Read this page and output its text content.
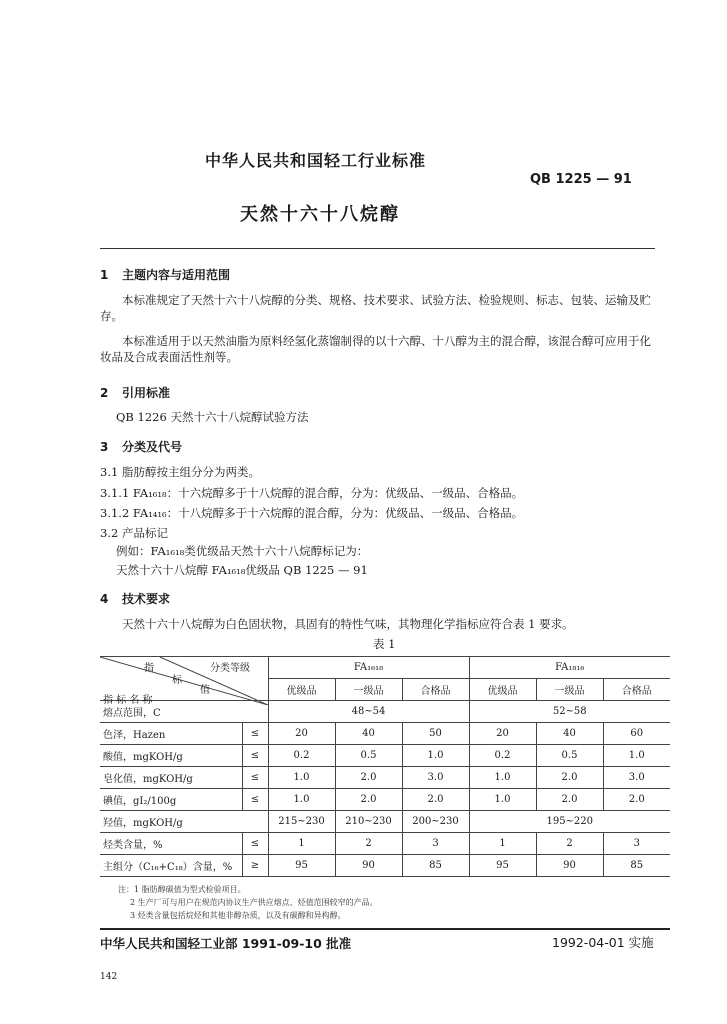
中华人民共和国轻工行业标准
QB 1225 — 91
天然十六十八烷醇
1 主题内容与适用范围
本标准规定了天然十六十八烷醇的分类、规格、技术要求、试验方法、检验规则、标志、包装、运输及贮存。
本标准适用于以天然油脂为原料经氢化蒸馏制得的以十六醇、十八醇为主的混合醇，该混合醇可应用于化妆品及合成表面活性剂等。
2 引用标准
QB 1226 天然十六十八烷醇试验方法
3 分类及代号
3.1 脂肪醇按主组分分为两类。
3.1.1 FA₁₆₁₈：十六烷醇多于十八烷醇的混合醇，分为：优级品、一级品、合格品。
3.1.2 FA₁₄₁₆：十八烷醇多于十六烷醇的混合醇，分为：优级品、一级品、合格品。
3.2 产品标记
例如：FA₁₆₁₈类优级品天然十六十八烷醇标记为：
天然十六十八烷醇 FA₁₆₁₈优级品 QB 1225 — 91
4 技术要求
天然十六十八烷醇为白色固状物，具固有的特性气味，其物理化学指标应符合表 1 要求。
表 1
分类等级
指
标
值
指 标 名 称		FA₁₆₁₈			FA₁₈₁₆		
		优级品	一级品	合格品	优级品	一级品	合格品
熔点范围，C		48~54			52~58		
色泽，Hazen	≤	20	40	50	20	40	60
酸值，mgKOH/g	≤	0.2	0.5	1.0	0.2	0.5	1.0
皂化值，mgKOH/g	≤	1.0	2.0	3.0	1.0	2.0	3.0
碘值，gI₂/100g	≤	1.0	2.0	2.0	1.0	2.0	2.0
羟值，mgKOH/g		215~230	210~230	200~230	195~220		
烃类含量，%	≤	1	2	3	1	2	3
主组分（C₁₆+C₁₈）含量，%	≥	95	90	85	95	90	85
注：1 脂肪醇碳值为型式检验项目。
2 生产厂可与用户在规范内协议生产供应熔点、烃值范围较窄的产品。
3 烃类含量包括烷烃和其他非醇杂质，以及有碳醇和异构醇。
中华人民共和国轻工业部 1991-09-10 批准	1992-04-01 实施
142
